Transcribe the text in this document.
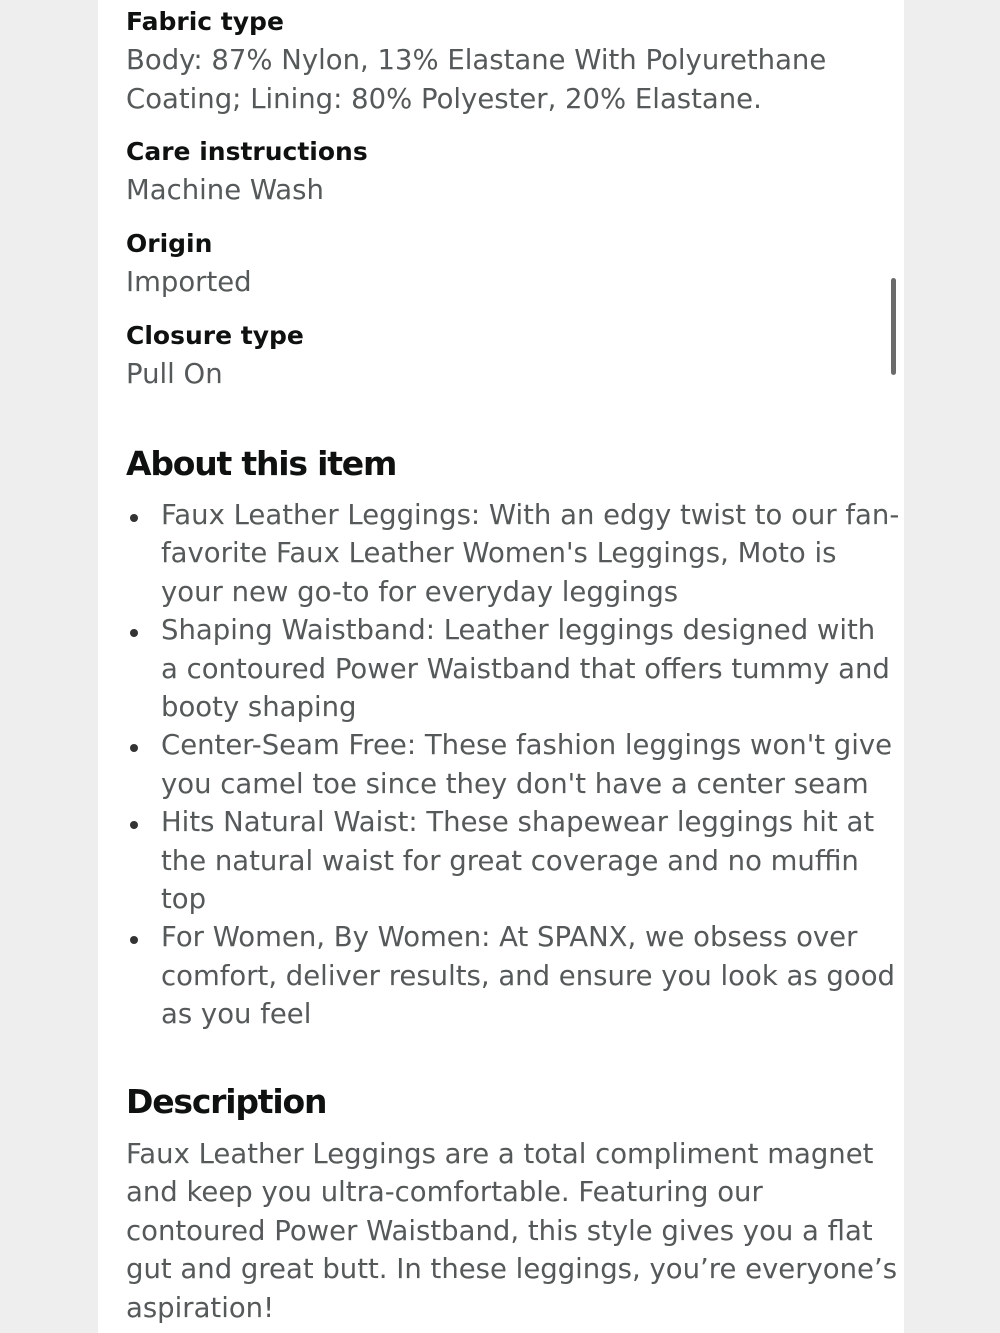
Fabric type
Body: 87% Nylon, 13% Elastane With Polyurethane
Coating; Lining: 80% Polyester, 20% Elastane.
Care instructions
Machine Wash
Origin
Imported
Closure type
Pull On
About this item
Faux Leather Leggings: With an edgy twist to our fan-
favorite Faux Leather Women's Leggings, Moto is
your new go-to for everyday leggings
Shaping Waistband: Leather leggings designed with
a contoured Power Waistband that offers tummy and
booty shaping
Center-Seam Free: These fashion leggings won't give
you camel toe since they don't have a center seam
Hits Natural Waist: These shapewear leggings hit at
the natural waist for great coverage and no muffin
top
For Women, By Women: At SPANX, we obsess over
comfort, deliver results, and ensure you look as good
as you feel
Description
Faux Leather Leggings are a total compliment magnet
and keep you ultra-comfortable. Featuring our
contoured Power Waistband, this style gives you a flat
gut and great butt. In these leggings, you’re everyone’s
aspiration!
